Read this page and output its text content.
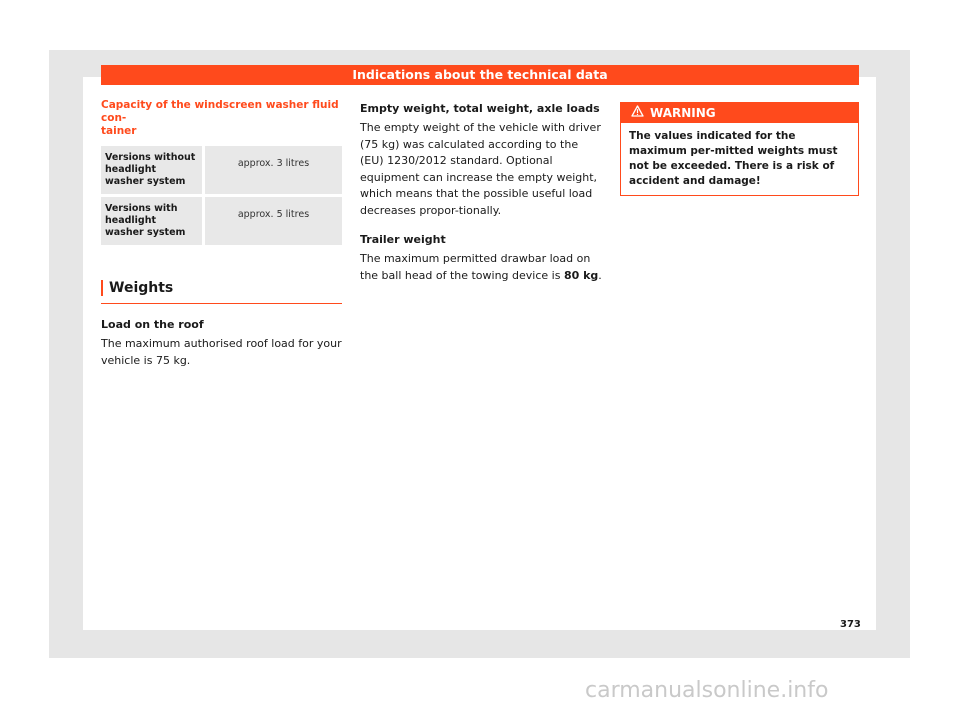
Indications about the technical data
Capacity of the windscreen washer fluid con-
tainer
Versions without headlight washer system	approx. 3 litres
Versions with headlight washer system	approx. 5 litres
Weights
Load on the roof

The maximum authorised roof load for your vehicle is 75 kg.

Empty weight, total weight, axle loads

The empty weight of the vehicle with driver (75 kg) was calculated according to the (EU) 1230/2012 standard. Optional equipment can increase the empty weight, which means that the possible useful load decreases propor-tionally.

Trailer weight

The maximum permitted drawbar load on the ball head of the towing device is 80 kg.

WARNING
The values indicated for the maximum per-mitted weights must not be exceeded. There is a risk of accident and damage!
373
carmanualsonline.info
